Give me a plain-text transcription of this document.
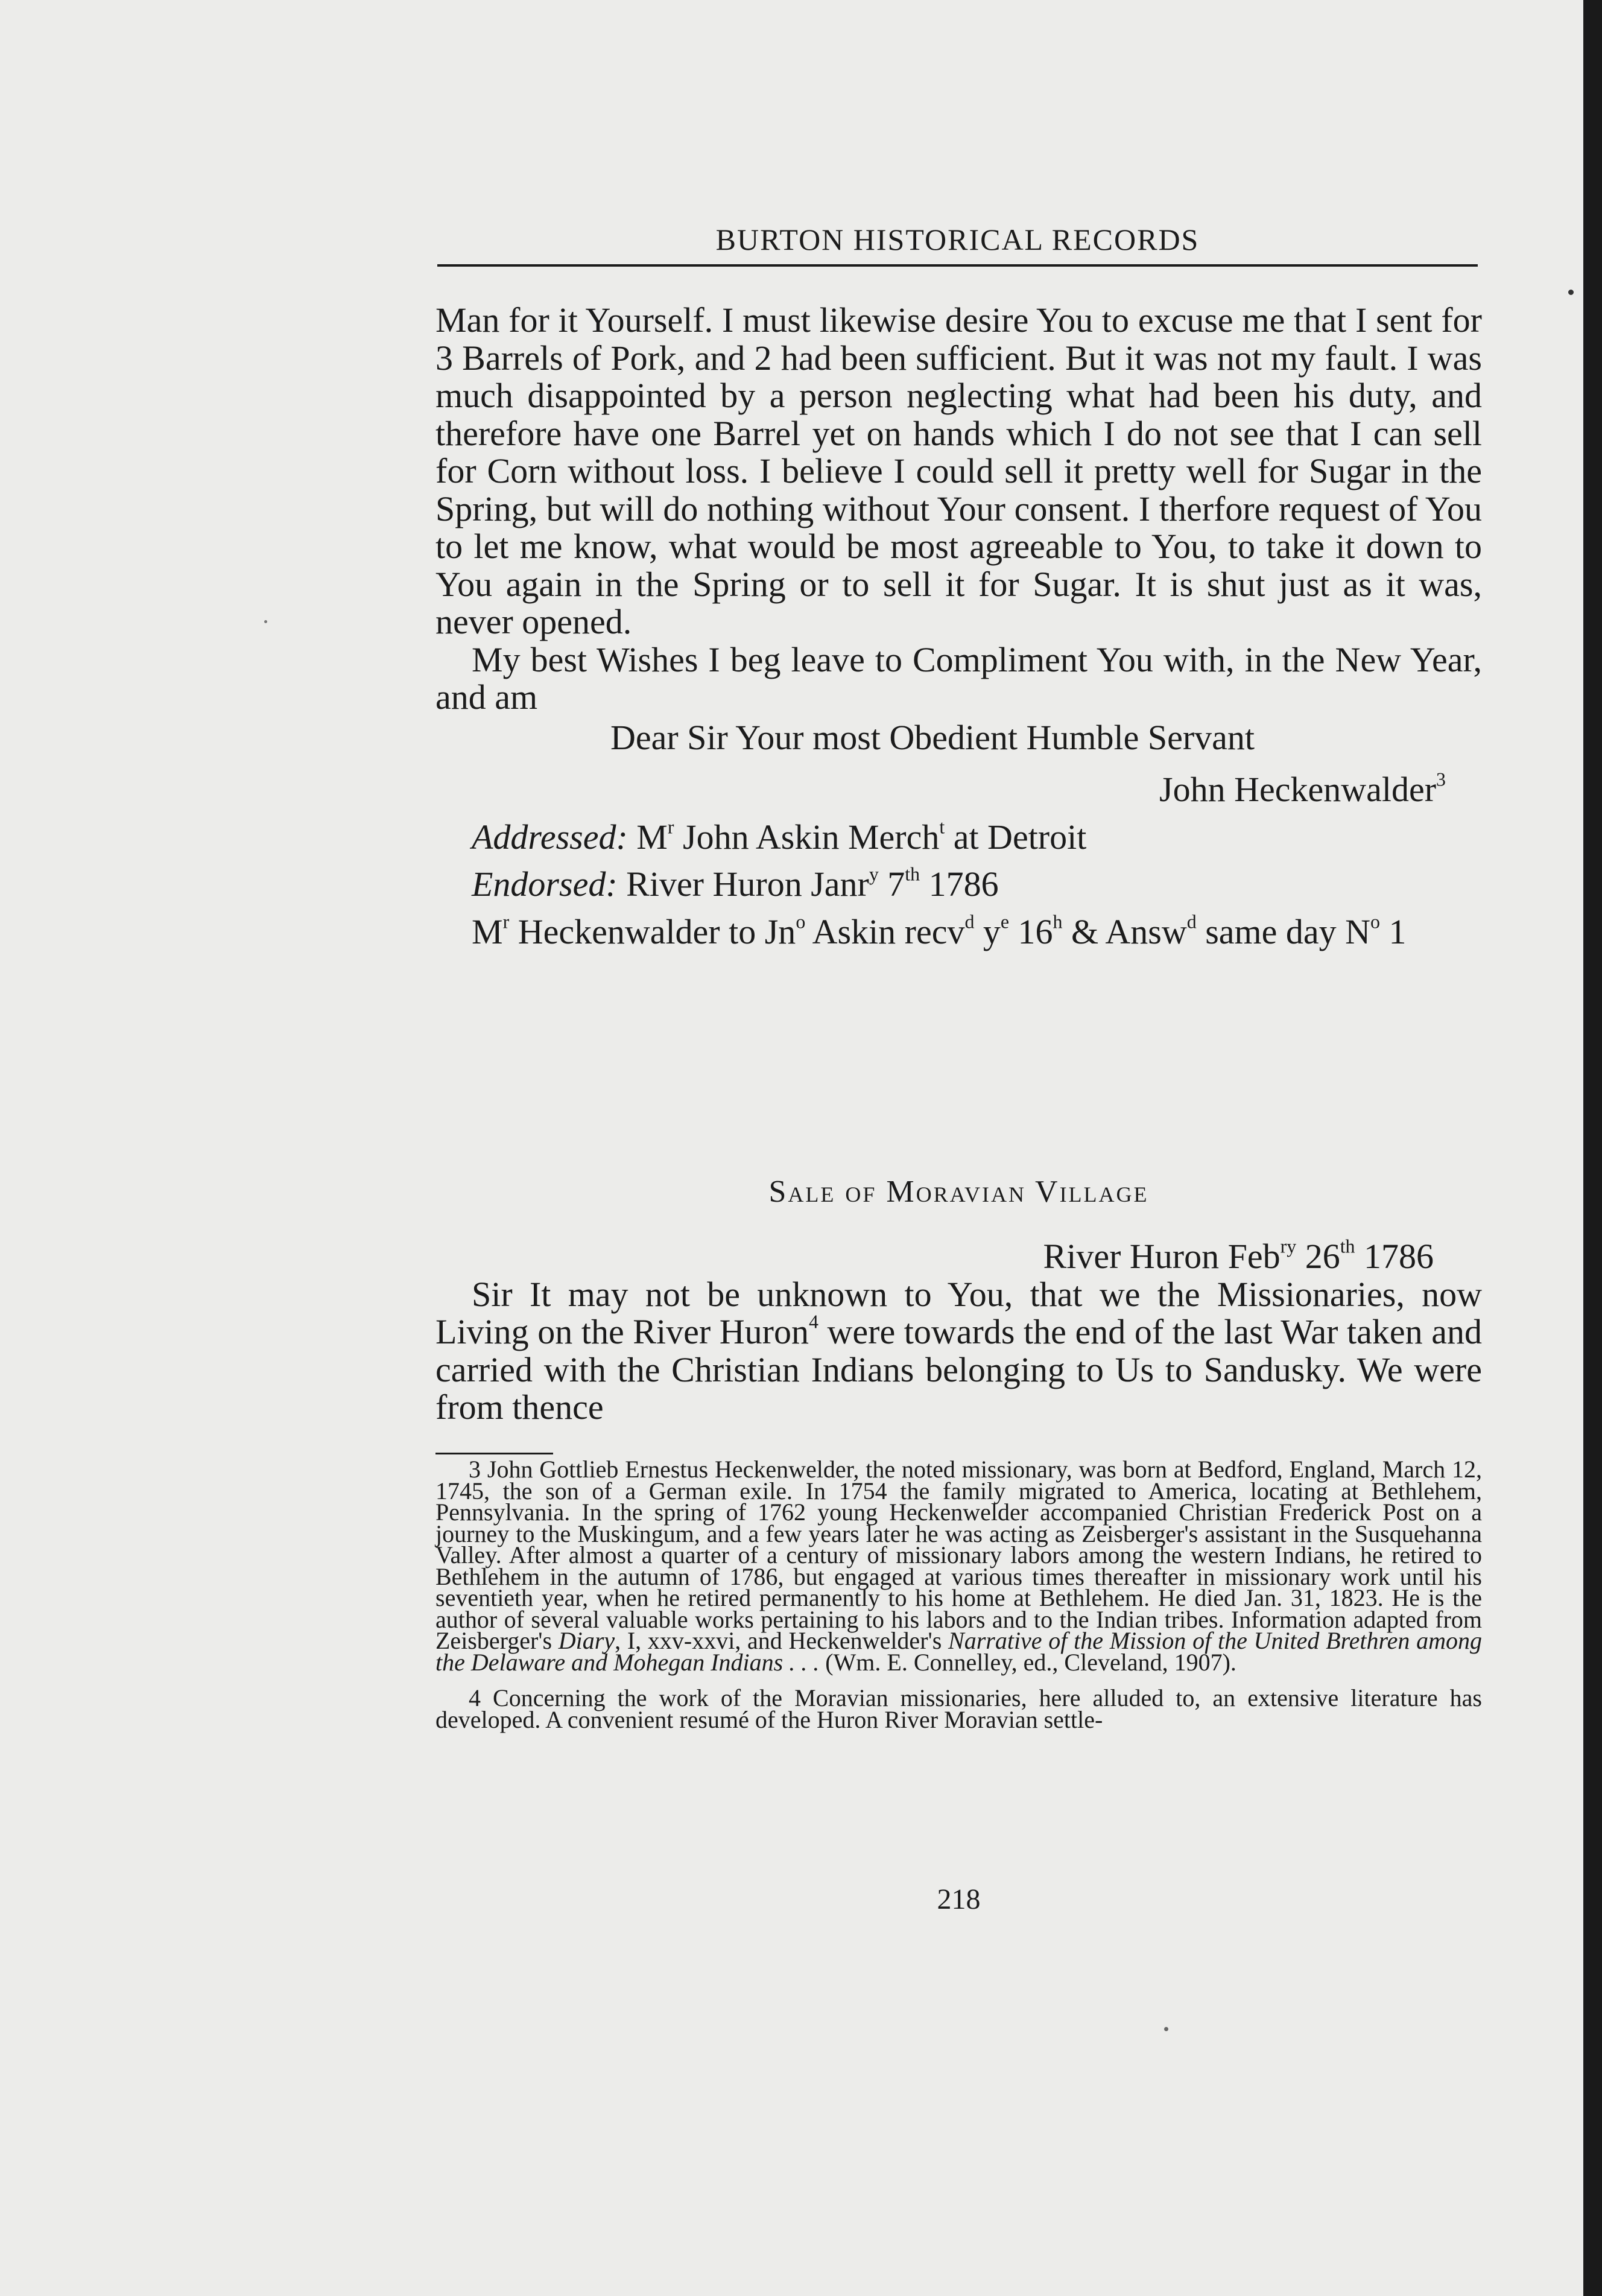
BURTON HISTORICAL RECORDS

Man for it Yourself. I must likewise desire You to excuse me that I sent for 3 Barrels of Pork, and 2 had been sufficient. But it was not my fault. I was much disappointed by a person neglecting what had been his duty, and therefore have one Barrel yet on hands which I do not see that I can sell for Corn without loss. I believe I could sell it pretty well for Sugar in the Spring, but will do nothing without Your consent. I therfore request of You to let me know, what would be most agreeable to You, to take it down to You again in the Spring or to sell it for Sugar. It is shut just as it was, never opened.

My best Wishes I beg leave to Compliment You with, in the New Year, and am

Dear Sir Your most Obedient Humble Servant

John Heckenwalder$^3$

Addressed: $M^r$ John Askin Merch$^t$ at Detroit

Endorsed: River Huron Janr$^y$ 7th 1786

$M^r$ Heckenwalder to Jn$^o$ Askin recv$^d$ $y^e$ 16$^h$ & Answ$^d$ same day $N^o$ 1

Sale of Moravian Village

River Huron Feb$^{ry}$ 26th 1786

Sir It may not be unknown to You, that we the Missionaries, now Living on the River Huron$^4$ were towards the end of the last War taken and carried with the Christian Indians belonging to Us to Sandusky. We were from thence

3 John Gottlieb Ernestus Heckenwelder, the noted missionary, was born at Bedford, England, March 12, 1745, the son of a German exile. In 1754 the family migrated to America, locating at Bethlehem, Pennsylvania. In the spring of 1762 young Heckenwelder accompanied Christian Frederick Post on a journey to the Muskingum, and a few years later he was acting as Zeisberger's assistant in the Susquehanna Valley. After almost a quarter of a century of missionary labors among the western Indians, he retired to Bethlehem in the autumn of 1786, but engaged at various times thereafter in missionary work until his seventieth year, when he retired permanently to his home at Bethlehem. He died Jan. 31, 1823. He is the author of several valuable works pertaining to his labors and to the Indian tribes. Information adapted from Zeisberger's Diary, I, xxv-xxvi, and Heckenwelder's Narrative of the Mission of the United Brethren among the Delaware and Mohegan Indians . . . (Wm. E. Connelley, ed., Cleveland, 1907).

4 Concerning the work of the Moravian missionaries, here alluded to, an extensive literature has developed. A convenient resumé of the Huron River Moravian settle-

218
